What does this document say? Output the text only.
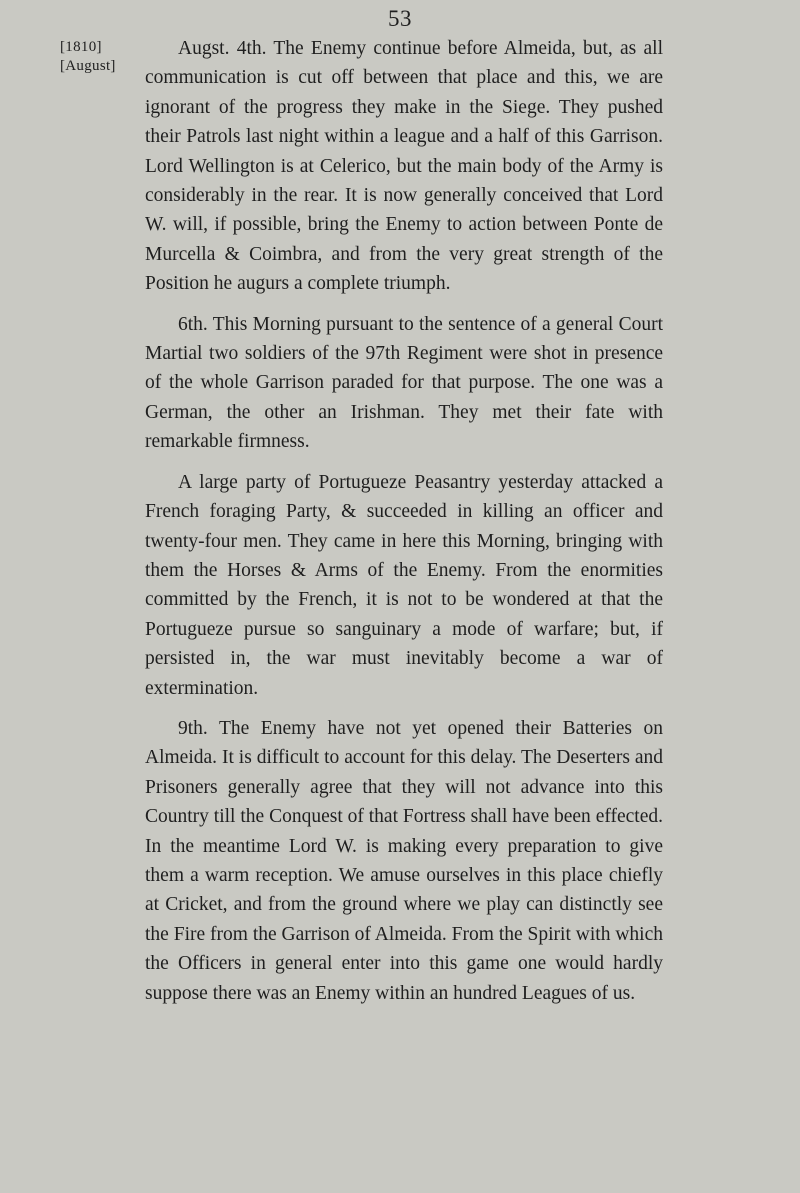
53
[1810]
[August]

Augst. 4th. The Enemy continue before Almeida, but, as all communication is cut off between that place and this, we are ignorant of the progress they make in the Siege. They pushed their Patrols last night within a league and a half of this Garrison. Lord Wellington is at Celerico, but the main body of the Army is considerably in the rear. It is now generally conceived that Lord W. will, if possible, bring the Enemy to action between Ponte de Murcella & Coimbra, and from the very great strength of the Position he augurs a complete triumph.

6th. This Morning pursuant to the sentence of a general Court Martial two soldiers of the 97th Regiment were shot in presence of the whole Garrison paraded for that purpose. The one was a German, the other an Irishman. They met their fate with remarkable firmness.

A large party of Portugueze Peasantry yesterday attacked a French foraging Party, & succeeded in killing an officer and twenty-four men. They came in here this Morning, bringing with them the Horses & Arms of the Enemy. From the enormities committed by the French, it is not to be wondered at that the Portugueze pursue so sanguinary a mode of warfare; but, if persisted in, the war must inevitably become a war of extermination.

9th. The Enemy have not yet opened their Batteries on Almeida. It is difficult to account for this delay. The Deserters and Prisoners generally agree that they will not advance into this Country till the Conquest of that Fortress shall have been effected. In the meantime Lord W. is making every preparation to give them a warm reception. We amuse ourselves in this place chiefly at Cricket, and from the ground where we play can distinctly see the Fire from the Garrison of Almeida. From the Spirit with which the Officers in general enter into this game one would hardly suppose there was an Enemy within an hundred Leagues of us.
